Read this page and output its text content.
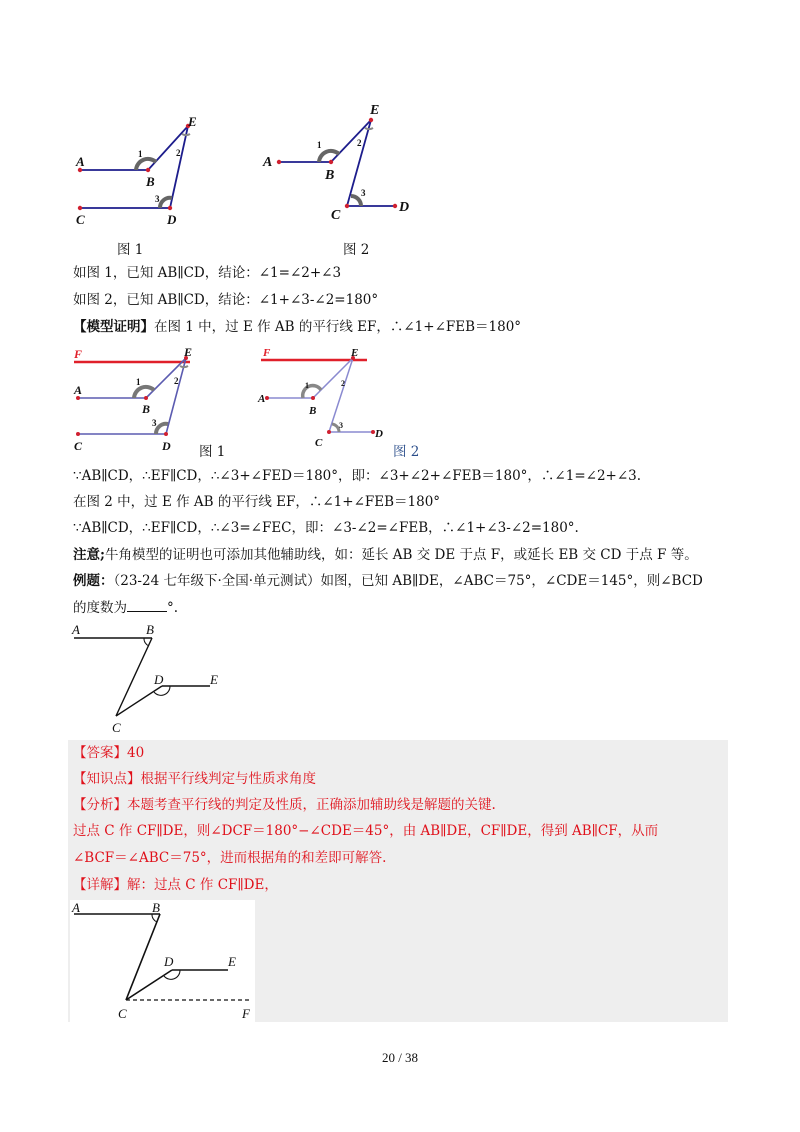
A
B
E
C	D
1	2
3
图 1
A
B
E
C
D
1	2
3
图 2
如图 1，已知 AB∥CD，结论：∠1=∠2+∠3
如图 2，已知 AB∥CD，结论：∠1+∠3-∠2=180°
【模型证明】在图 1 中，过 E 作 AB 的平行线 EF，∴∠1+∠FEB＝180°
F
A
B
E
C	D
1	2
3
图 1
F
A
B
E
C
D
1	2
3
图 2
∵AB∥CD，∴EF∥CD，∴∠3+∠FED＝180°，即：∠3+∠2+∠FEB＝180°，∴∠1=∠2+∠3.
在图 2 中，过 E 作 AB 的平行线 EF，∴∠1+∠FEB＝180°
∵AB∥CD，∴EF∥CD，∴∠3=∠FEC，即：∠3-∠2=∠FEB，∴∠1+∠3-∠2=180°.
注意;牛角模型的证明也可添加其他辅助线，如：延长 AB 交 DE 于点 F，或延长 EB 交 CD 于点 F 等。
例题：（23-24 七年级下·全国·单元测试）如图，已知 AB∥DE，∠ABC＝75°，∠CDE＝145°，则∠BCD
的度数为	°.
A	B
D	E
C
【答案】40
【知识点】根据平行线判定与性质求角度
【分析】本题考查平行线的判定及性质，正确添加辅助线是解题的关键.
过点 C 作 CF∥DE，则∠DCF＝180°−∠CDE＝45°，由 AB∥DE，CF∥DE，得到 AB∥CF，从而
∠BCF＝∠ABC＝75°，进而根据角的和差即可解答.
【详解】解：过点 C 作 CF∥DE，
A	B
D	E
C	F
20 / 38
